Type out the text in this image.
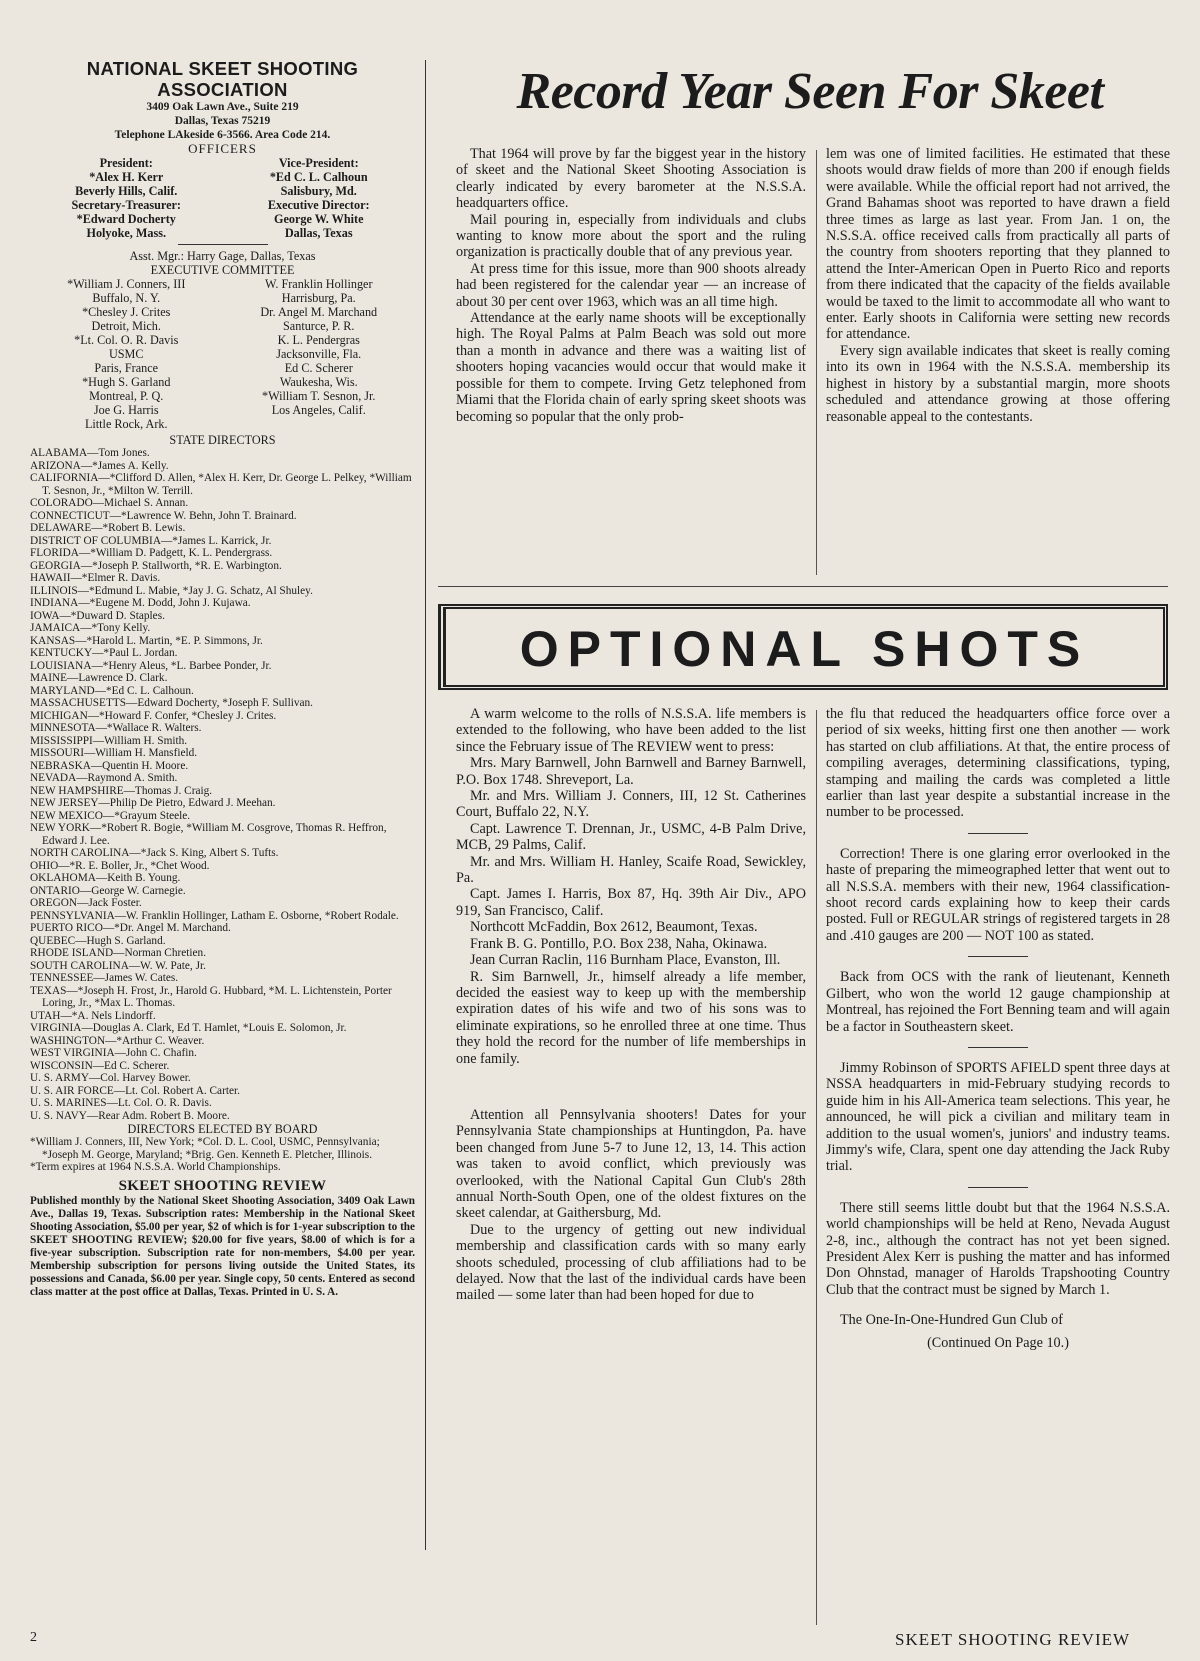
NATIONAL SKEET SHOOTING ASSOCIATION
3409 Oak Lawn Ave., Suite 219
Dallas, Texas 75219
Telephone LAkeside 6-3566. Area Code 214.
OFFICERS
President:
*Alex H. Kerr
Beverly Hills, Calif.
Secretary-Treasurer:
*Edward Docherty
Holyoke, Mass.
Vice-President:
*Ed C. L. Calhoun
Salisbury, Md.
Executive Director:
George W. White
Dallas, Texas
Asst. Mgr.: Harry Gage, Dallas, Texas
EXECUTIVE COMMITTEE
*William J. Conners, III
Buffalo, N. Y.
*Chesley J. Crites
Detroit, Mich.
*Lt. Col. O. R. Davis
USMC
Paris, France
*Hugh S. Garland
Montreal, P. Q.
Joe G. Harris
Little Rock, Ark.
W. Franklin Hollinger
Harrisburg, Pa.
Dr. Angel M. Marchand
Santurce, P. R.
K. L. Pendergras
Jacksonville, Fla.
Ed C. Scherer
Waukesha, Wis.
*William T. Sesnon, Jr.
Los Angeles, Calif.
STATE DIRECTORS

ALABAMA—Tom Jones.

ARIZONA—*James A. Kelly.

CALIFORNIA—*Clifford D. Allen, *Alex H. Kerr, Dr. George L. Pelkey, *William T. Sesnon, Jr., *Milton W. Terrill.

COLORADO—Michael S. Annan.

CONNECTICUT—*Lawrence W. Behn, John T. Brainard.

DELAWARE—*Robert B. Lewis.

DISTRICT OF COLUMBIA—*James L. Karrick, Jr.

FLORIDA—*William D. Padgett, K. L. Pendergrass.

GEORGIA—*Joseph P. Stallworth, *R. E. Warbington.

HAWAII—*Elmer R. Davis.

ILLINOIS—*Edmund L. Mabie, *Jay J. G. Schatz, Al Shuley.

INDIANA—*Eugene M. Dodd, John J. Kujawa.

IOWA—*Duward D. Staples.

JAMAICA—*Tony Kelly.

KANSAS—*Harold L. Martin, *E. P. Simmons, Jr.

KENTUCKY—*Paul L. Jordan.

LOUISIANA—*Henry Aleus, *L. Barbee Ponder, Jr.

MAINE—Lawrence D. Clark.

MARYLAND—*Ed C. L. Calhoun.

MASSACHUSETTS—Edward Docherty, *Joseph F. Sullivan.

MICHIGAN—*Howard F. Confer, *Chesley J. Crites.

MINNESOTA—*Wallace R. Walters.

MISSISSIPPI—William H. Smith.

MISSOURI—William H. Mansfield.

NEBRASKA—Quentin H. Moore.

NEVADA—Raymond A. Smith.

NEW HAMPSHIRE—Thomas J. Craig.

NEW JERSEY—Philip De Pietro, Edward J. Meehan.

NEW MEXICO—*Grayum Steele.

NEW YORK—*Robert R. Bogie, *William M. Cosgrove, Thomas R. Heffron, Edward J. Lee.

NORTH CAROLINA—*Jack S. King, Albert S. Tufts.

OHIO—*R. E. Boller, Jr., *Chet Wood.

OKLAHOMA—Keith B. Young.

ONTARIO—George W. Carnegie.

OREGON—Jack Foster.

PENNSYLVANIA—W. Franklin Hollinger, Latham E. Osborne, *Robert Rodale.

PUERTO RICO—*Dr. Angel M. Marchand.

QUEBEC—Hugh S. Garland.

RHODE ISLAND—Norman Chretien.

SOUTH CAROLINA—W. W. Pate, Jr.

TENNESSEE—James W. Cates.

TEXAS—*Joseph H. Frost, Jr., Harold G. Hubbard, *M. L. Lichtenstein, Porter Loring, Jr., *Max L. Thomas.

UTAH—*A. Nels Lindorff.

VIRGINIA—Douglas A. Clark, Ed T. Hamlet, *Louis E. Solomon, Jr.

WASHINGTON—*Arthur C. Weaver.

WEST VIRGINIA—John C. Chafin.

WISCONSIN—Ed C. Scherer.

U. S. ARMY—Col. Harvey Bower.

U. S. AIR FORCE—Lt. Col. Robert A. Carter.

U. S. MARINES—Lt. Col. O. R. Davis.

U. S. NAVY—Rear Adm. Robert B. Moore.

DIRECTORS ELECTED BY BOARD

*William J. Conners, III, New York; *Col. D. L. Cool, USMC, Pennsylvania; *Joseph M. George, Maryland; *Brig. Gen. Kenneth E. Pletcher, Illinois.

*Term expires at 1964 N.S.S.A. World Championships.

SKEET SHOOTING REVIEW

Published monthly by the National Skeet Shooting Association, 3409 Oak Lawn Ave., Dallas 19, Texas. Subscription rates: Membership in the National Skeet Shooting Association, $5.00 per year, $2 of which is for 1-year subscription to the SKEET SHOOTING REVIEW; $20.00 for five years, $8.00 of which is for a five-year subscription. Subscription rate for non-members, $4.00 per year. Membership subscription for persons living outside the United States, its possessions and Canada, $6.00 per year. Single copy, 50 cents. Entered as second class matter at the post office at Dallas, Texas. Printed in U. S. A.

Record Year Seen For Skeet

That 1964 will prove by far the biggest year in the history of skeet and the National Skeet Shooting Association is clearly indicated by every barometer at the N.S.S.A. headquarters office.

Mail pouring in, especially from individuals and clubs wanting to know more about the sport and the ruling organization is practically double that of any previous year.

At press time for this issue, more than 900 shoots already had been registered for the calendar year — an increase of about 30 per cent over 1963, which was an all time high.

Attendance at the early name shoots will be exceptionally high. The Royal Palms at Palm Beach was sold out more than a month in advance and there was a waiting list of shooters hoping vacancies would occur that would make it possible for them to compete. Irving Getz telephoned from Miami that the Florida chain of early spring skeet shoots was becoming so popular that the only prob-

lem was one of limited facilities. He estimated that these shoots would draw fields of more than 200 if enough fields were available. While the official report had not arrived, the Grand Bahamas shoot was reported to have drawn a field three times as large as last year. From Jan. 1 on, the N.S.S.A. office received calls from practically all parts of the country from shooters reporting that they planned to attend the Inter-American Open in Puerto Rico and reports from there indicated that the capacity of the fields available would be taxed to the limit to accommodate all who want to enter. Early shoots in California were setting new records for attendance.

Every sign available indicates that skeet is really coming into its own in 1964 with the N.S.S.A. membership its highest in history by a substantial margin, more shoots scheduled and attendance growing at those offering reasonable appeal to the contestants.

OPTIONAL SHOTS

A warm welcome to the rolls of N.S.S.A. life members is extended to the following, who have been added to the list since the February issue of The REVIEW went to press:

Mrs. Mary Barnwell, John Barnwell and Barney Barnwell, P.O. Box 1748. Shreveport, La.

Mr. and Mrs. William J. Conners, III, 12 St. Catherines Court, Buffalo 22, N.Y.

Capt. Lawrence T. Drennan, Jr., USMC, 4-B Palm Drive, MCB, 29 Palms, Calif.

Mr. and Mrs. William H. Hanley, Scaife Road, Sewickley, Pa.

Capt. James I. Harris, Box 87, Hq. 39th Air Div., APO 919, San Francisco, Calif.

Northcott McFaddin, Box 2612, Beaumont, Texas.

Frank B. G. Pontillo, P.O. Box 238, Naha, Okinawa.

Jean Curran Raclin, 116 Burnham Place, Evanston, Ill.

R. Sim Barnwell, Jr., himself already a life member, decided the easiest way to keep up with the membership expiration dates of his wife and two of his sons was to eliminate expirations, so he enrolled three at one time. Thus they hold the record for the number of life memberships in one family.

Attention all Pennsylvania shooters! Dates for your Pennsylvania State championships at Huntingdon, Pa. have been changed from June 5-7 to June 12, 13, 14. This action was taken to avoid conflict, which previously was overlooked, with the National Capital Gun Club's 28th annual North-South Open, one of the oldest fixtures on the skeet calendar, at Gaithersburg, Md.

Due to the urgency of getting out new individual membership and classification cards with so many early shoots scheduled, processing of club affiliations had to be delayed. Now that the last of the individual cards have been mailed — some later than had been hoped for due to

the flu that reduced the headquarters office force over a period of six weeks, hitting first one then another — work has started on club affiliations. At that, the entire process of compiling averages, determining classifications, typing, stamping and mailing the cards was completed a little earlier than last year despite a substantial increase in the number to be processed.

Correction! There is one glaring error overlooked in the haste of preparing the mimeographed letter that went out to all N.S.S.A. members with their new, 1964 classification-shoot record cards explaining how to keep their cards posted. Full or REGULAR strings of registered targets in 28 and .410 gauges are 200 — NOT 100 as stated.

Back from OCS with the rank of lieutenant, Kenneth Gilbert, who won the world 12 gauge championship at Montreal, has rejoined the Fort Benning team and will again be a factor in Southeastern skeet.

Jimmy Robinson of SPORTS AFIELD spent three days at NSSA headquarters in mid-February studying records to guide him in his All-America team selections. This year, he announced, he will pick a civilian and military team in addition to the usual women's, juniors' and industry teams. Jimmy's wife, Clara, spent one day attending the Jack Ruby trial.

There still seems little doubt but that the 1964 N.S.S.A. world championships will be held at Reno, Nevada August 2-8, inc., although the contract has not yet been signed. President Alex Kerr is pushing the matter and has informed Don Ohnstad, manager of Harolds Trapshooting Country Club that the contract must be signed by March 1.

The One-In-One-Hundred Gun Club of

(Continued On Page 10.)
2	SKEET SHOOTING REVIEW
